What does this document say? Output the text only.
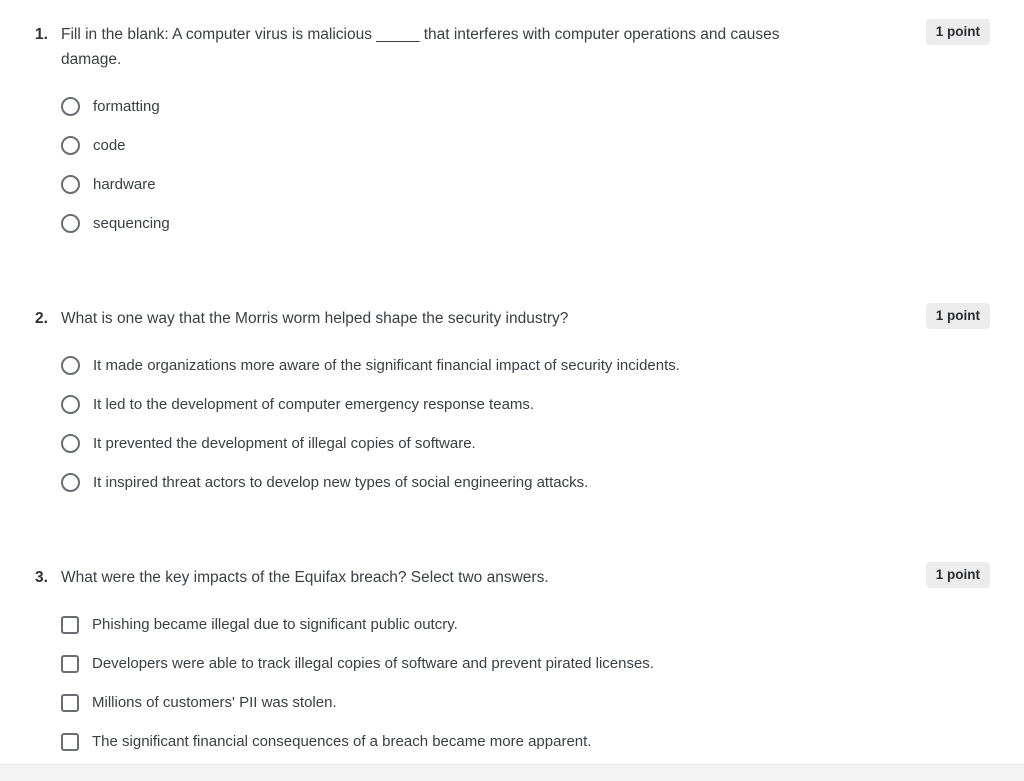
1. Fill in the blank: A computer virus is malicious _____ that interferes with computer operations and causes damage.
1 point
formatting
code
hardware
sequencing
2. What is one way that the Morris worm helped shape the security industry?	1 point
It made organizations more aware of the significant financial impact of security incidents.
It led to the development of computer emergency response teams.
It prevented the development of illegal copies of software.
It inspired threat actors to develop new types of social engineering attacks.
3. What were the key impacts of the Equifax breach? Select two answers.	1 point
Phishing became illegal due to significant public outcry.
Developers were able to track illegal copies of software and prevent pirated licenses.
Millions of customers' PII was stolen.
The significant financial consequences of a breach became more apparent.
